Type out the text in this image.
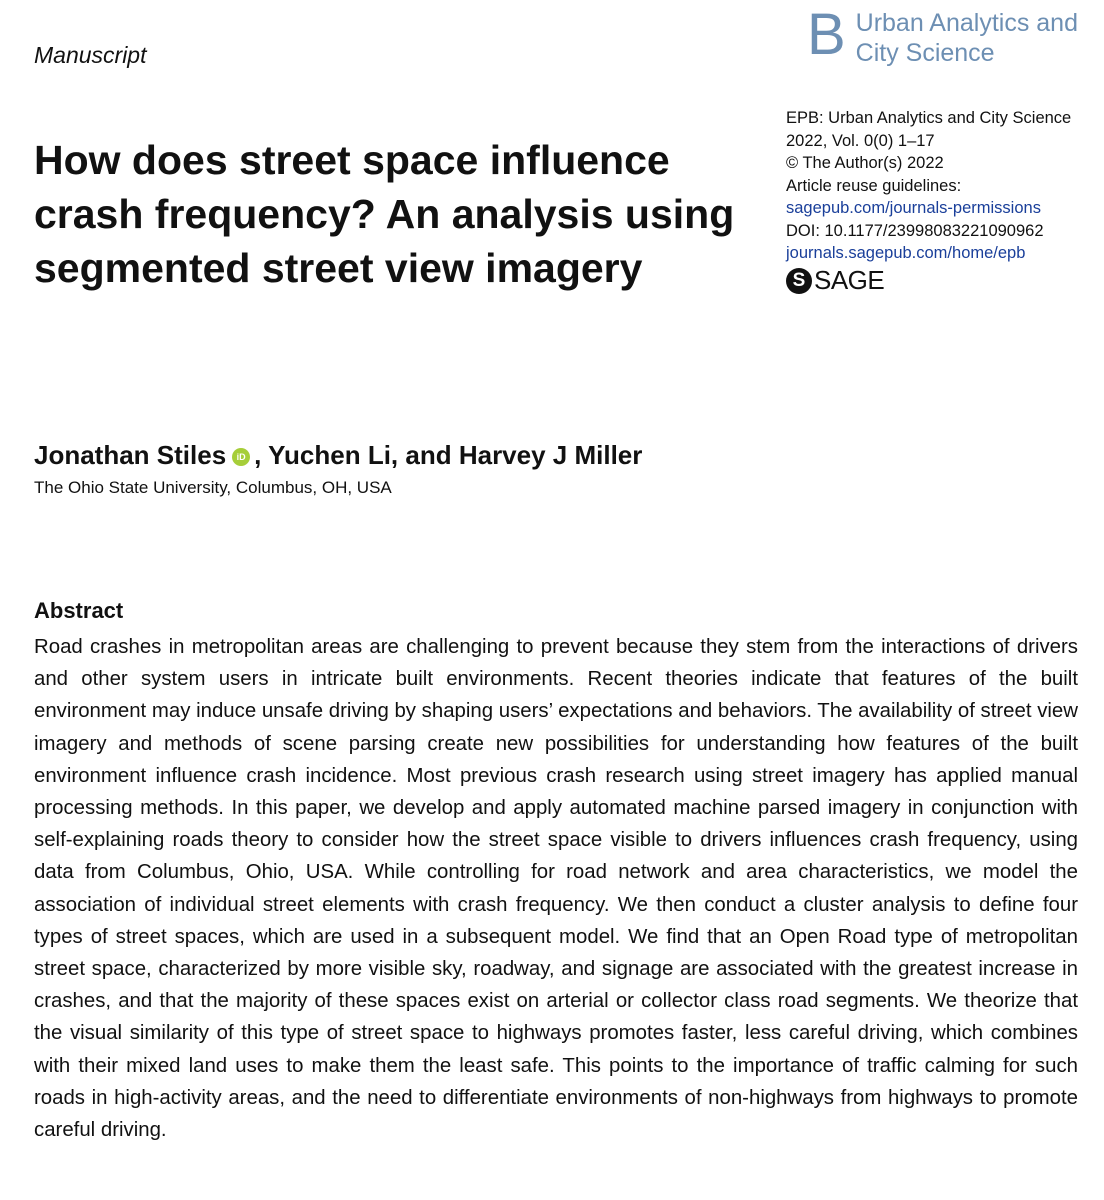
Manuscript	B Urban Analytics and
City Science
EPB: Urban Analytics and City Science
2022, Vol. 0(0) 1–17
© The Author(s) 2022
Article reuse guidelines:
sagepub.com/journals-permissions
DOI: 10.1177/23998083221090962
journals.sagepub.com/home/epb
S SAGE
How does street space influence crash frequency? An analysis using segmented street view imagery
Jonathan Stiles iD , Yuchen Li, and Harvey J Miller
The Ohio State University, Columbus, OH, USA
Abstract

Road crashes in metropolitan areas are challenging to prevent because they stem from the interactions of drivers and other system users in intricate built environments. Recent theories indicate that features of the built environment may induce unsafe driving by shaping users’ expectations and behaviors. The availability of street view imagery and methods of scene parsing create new possibilities for understanding how features of the built environment influence crash incidence. Most previous crash research using street imagery has applied manual processing methods. In this paper, we develop and apply automated machine parsed imagery in conjunction with self-explaining roads theory to consider how the street space visible to drivers influences crash frequency, using data from Columbus, Ohio, USA. While controlling for road network and area characteristics, we model the association of individual street elements with crash frequency. We then conduct a cluster analysis to define four types of street spaces, which are used in a subsequent model. We find that an Open Road type of metropolitan street space, characterized by more visible sky, roadway, and signage are associated with the greatest increase in crashes, and that the majority of these spaces exist on arterial or collector class road segments. We theorize that the visual similarity of this type of street space to highways promotes faster, less careful driving, which combines with their mixed land uses to make them the least safe. This points to the importance of traffic calming for such roads in high-activity areas, and the need to differentiate environments of non-highways from highways to promote careful driving.
